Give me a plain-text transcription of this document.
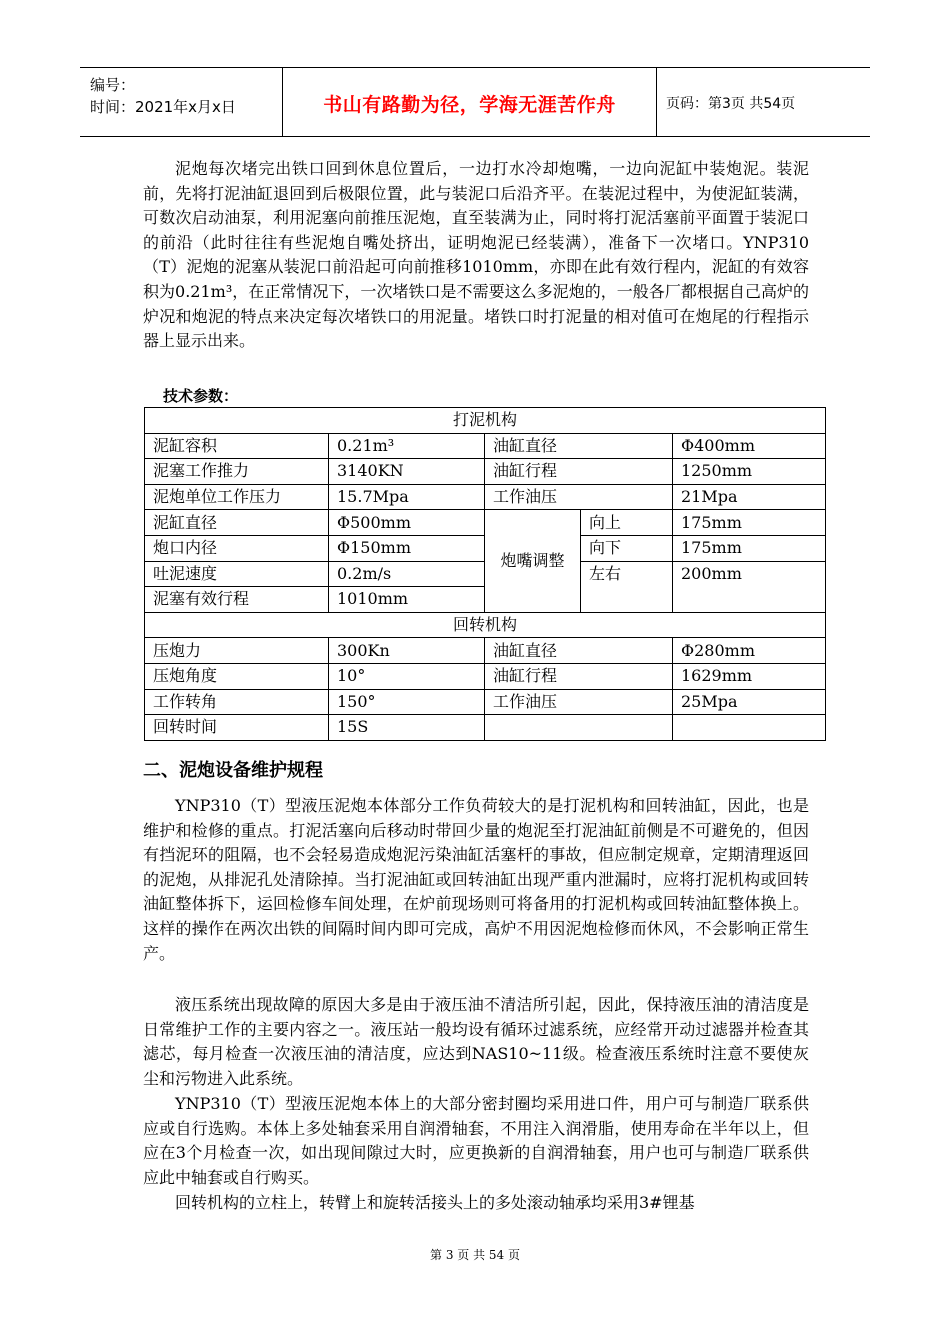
编号：
时间：2021年x月x日	书山有路勤为径，学海无涯苦作舟	页码：第3页 共54页

泥炮每次堵完出铁口回到休息位置后，一边打水冷却炮嘴，一边向泥缸中装炮泥。装泥前，先将打泥油缸退回到后极限位置，此与装泥口后沿齐平。在装泥过程中，为使泥缸装满，可数次启动油泵，利用泥塞向前推压泥炮，直至装满为止，同时将打泥活塞前平面置于装泥口的前沿（此时往往有些泥炮自嘴处挤出，证明炮泥已经装满），准备下一次堵口。YNP310（T）泥炮的泥塞从装泥口前沿起可向前推移1010mm，亦即在此有效行程内，泥缸的有效容积为0.21m³，在正常情况下，一次堵铁口是不需要这么多泥炮的，一般各厂都根据自己高炉的炉况和炮泥的特点来决定每次堵铁口的用泥量。堵铁口时打泥量的相对值可在炮尾的行程指示器上显示出来。

技术参数：
打泥机构				
泥缸容积	0.21m³	油缸直径		Φ400mm
泥塞工作推力	3140KN	油缸行程		1250mm
泥炮单位工作压力	15.7Mpa	工作油压		21Mpa
泥缸直径	Φ500mm	炮嘴调整	向上	175mm
炮口内径	Φ150mm		向下	175mm
吐泥速度	0.2m/s		左右	200mm
泥塞有效行程	1010mm			
回转机构				
压炮力	300Kn	油缸直径		Φ280mm
压炮角度	10°	油缸行程		1629mm
工作转角	150°	工作油压		25Mpa
回转时间	15S			
二、泥炮设备维护规程

YNP310（T）型液压泥炮本体部分工作负荷较大的是打泥机构和回转油缸，因此，也是维护和检修的重点。打泥活塞向后移动时带回少量的炮泥至打泥油缸前侧是不可避免的，但因有挡泥环的阻隔，也不会轻易造成炮泥污染油缸活塞杆的事故，但应制定规章，定期清理返回的泥炮，从排泥孔处清除掉。当打泥油缸或回转油缸出现严重内泄漏时，应将打泥机构或回转油缸整体拆下，运回检修车间处理，在炉前现场则可将备用的打泥机构或回转油缸整体换上。这样的操作在两次出铁的间隔时间内即可完成，高炉不用因泥炮检修而休风，不会影响正常生产。

液压系统出现故障的原因大多是由于液压油不清洁所引起，因此，保持液压油的清洁度是日常维护工作的主要内容之一。液压站一般均设有循环过滤系统，应经常开动过滤器并检查其滤芯，每月检查一次液压油的清洁度，应达到NAS10~11级。检查液压系统时注意不要使灰尘和污物进入此系统。

YNP310（T）型液压泥炮本体上的大部分密封圈均采用进口件，用户可与制造厂联系供应或自行选购。本体上多处轴套采用自润滑轴套，不用注入润滑脂，使用寿命在半年以上，但应在3个月检查一次，如出现间隙过大时，应更换新的自润滑轴套，用户也可与制造厂联系供应此中轴套或自行购买。

回转机构的立柱上，转臂上和旋转活接头上的多处滚动轴承均采用3#锂基

第 3 页 共 54 页
